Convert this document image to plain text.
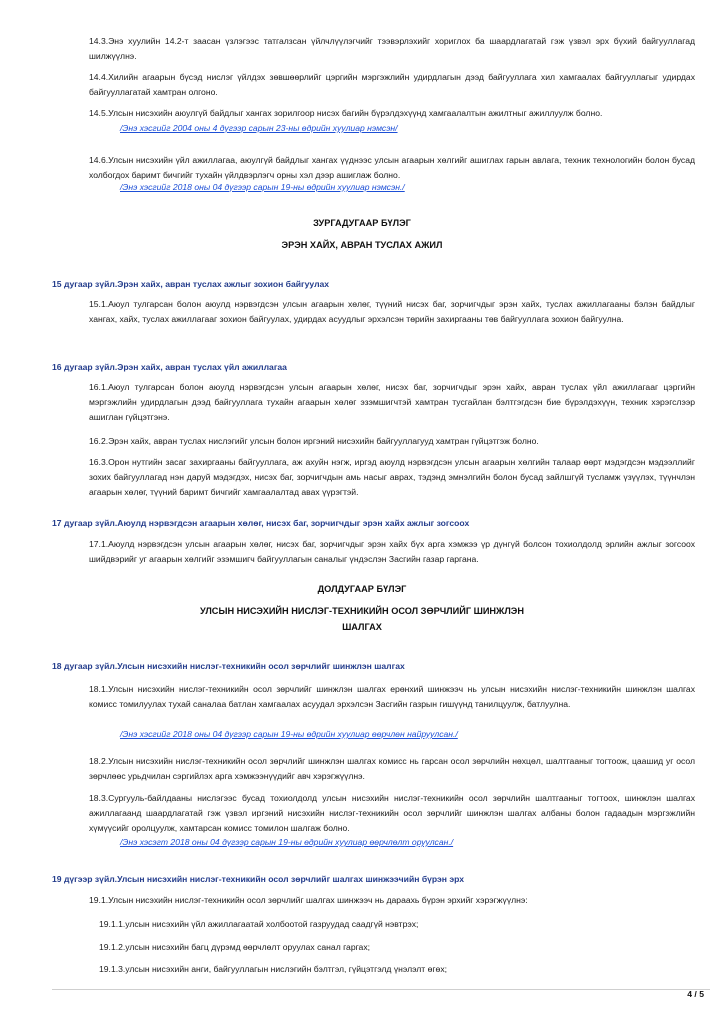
14.3.Энэ хуулийн 14.2-т заасан үзлэгээс татгалзсан үйлчлүүлэгчийг тээвэрлэхийг хориглох ба шаардлагатай гэж үзвэл эрх бүхий байгууллагад шилжүүлнэ.

14.4.Хилийн агаарын бүсэд нислэг үйлдэх зөвшөөрлийг цэргийн мэргэжлийн удирдлагын дээд байгууллага хил хамгаалах байгууллагыг удирдах байгууллагатай хамтран олгоно.

14.5.Улсын нисэхийн аюулгүй байдлыг хангах зорилгоор нисэх багийн бүрэлдэхүүнд хамгаалалтын ажилтныг ажиллуулж болно.

/Энэ хэсгийг 2004 оны 4 дүгээр сарын 23-ны өдрийн хуулиар нэмсэн/

14.6.Улсын нисэхийн үйл ажиллагаа, аюулгүй байдлыг хангах үүднээс улсын агаарын хөлгийг ашиглах гарын авлага, техник технологийн болон бусад холбогдох баримт бичгийг тухайн үйлдвэрлэгч орны хэл дээр ашиглаж болно.

/Энэ хэсгийг 2018 оны 04 дүгээр сарын 19-ны өдрийн хуулиар нэмсэн./

ЗУРГАДУГААР БҮЛЭГ

ЭРЭН ХАЙХ, АВРАН ТУСЛАХ АЖИЛ

15 дугаар зүйл.Эрэн хайх, авран туслах ажлыг зохион байгуулах

15.1.Аюул тулгарсан болон аюулд нэрвэгдсэн улсын агаарын хөлөг, түүний нисэх баг, зорчигчдыг эрэн хайх, туслах ажиллагааны бэлэн байдлыг хангах, хайх, туслах ажиллагааг зохион байгуулах, удирдах асуудлыг эрхэлсэн төрийн захиргааны төв байгууллага зохион байгуулна.

16 дугаар зүйл.Эрэн хайх, авран туслах үйл ажиллагаа

16.1.Аюул тулгарсан болон аюулд нэрвэгдсэн улсын агаарын хөлөг, нисэх баг, зорчигчдыг эрэн хайх, авран туслах үйл ажиллагааг цэргийн мэргэжлийн удирдлагын дээд байгууллага тухайн агаарын хөлөг эзэмшигчтэй хамтран тусгайлан бэлтгэгдсэн бие бүрэлдэхүүн, техник хэрэгслээр ашиглан гүйцэтгэнэ.

16.2.Эрэн хайх, авран туслах нислэгийг улсын болон иргэний нисэхийн байгууллагууд хамтран гүйцэтгэж болно.

16.3.Орон нутгийн засаг захиргааны байгууллага, аж ахуйн нэгж, иргэд аюулд нэрвэгдсэн улсын агаарын хөлгийн талаар өөрт мэдэгдсэн мэдээллийг зохих байгууллагад нэн даруй мэдэгдэх, нисэх баг, зорчигчдын амь насыг аврах, тэдэнд эмнэлгийн болон бусад зайлшгүй тусламж үзүүлэх, түүнчлэн агаарын хөлөг, түүний баримт бичгийг хамгаалалтад авах үүрэгтэй.

17 дугаар зүйл.Аюулд нэрвэгдсэн агаарын хөлөг, нисэх баг, зорчигчдыг эрэн хайх ажлыг зогсоох

17.1.Аюулд нэрвэгдсэн улсын агаарын хөлөг, нисэх баг, зорчигчдыг эрэн хайх бүх арга хэмжээ үр дүнгүй болсон тохиолдолд эрлийн ажлыг зогсоох шийдвэрийг уг агаарын хөлгийг эзэмшигч байгууллагын саналыг үндэслэн Засгийн газар гаргана.

ДОЛДУГААР БҮЛЭГ

УЛСЫН НИСЭХИЙН НИСЛЭГ-ТЕХНИКИЙН ОСОЛ ЗӨРЧЛИЙГ ШИНЖЛЭН

ШАЛГАХ

18 дугаар зүйл.Улсын нисэхийн нислэг-техникийн осол зөрчлийг шинжлэн шалгах

18.1.Улсын нисэхийн нислэг-техникийн осол зөрчлийг шинжлэн шалгах ерөнхий шинжээч нь улсын нисэхийн нислэг-техникийн шинжлэн шалгах комисс томилуулах тухай саналаа батлан хамгаалах асуудал эрхэлсэн Засгийн газрын гишүүнд танилцуулж, батлуулна.

/Энэ хэсгийг 2018 оны 04 дүгээр сарын 19-ны өдрийн хуулиар өөрчлөн найруулсан./

18.2.Улсын нисэхийн нислэг-техникийн осол зөрчлийг шинжлэн шалгах комисс нь гарсан осол зөрчлийн нөхцөл, шалтгааныг тогтоож, цаашид уг осол зөрчлөөс урьдчилан сэргийлэх арга хэмжээнүүдийг авч хэрэгжүүлнэ.

18.3.Сургууль-байлдааны нислэгээс бусад тохиолдолд улсын нисэхийн нислэг-техникийн осол зөрчлийн шалтгааныг тогтоох, шинжлэн шалгах ажиллагаанд шаардлагатай гэж үзвэл иргэний нисэхийн нислэг-техникийн осол зөрчлийг шинжлэн шалгах албаны болон гадаадын мэргэжлийн хүмүүсийг оролцуулж, хамтарсан комисс томилон шалгаж болно.

/Энэ хэсэгт 2018 оны 04 дүгээр сарын 19-ны өдрийн хуулиар өөрчлөлт оруулсан./

19 дүгээр зүйл.Улсын нисэхийн нислэг-техникийн осол зөрчлийг шалгах шинжээчийн бүрэн эрх

19.1.Улсын нисэхийн нислэг-техникийн осол зөрчлийг шалгах шинжээч нь дараахь бүрэн эрхийг хэрэгжүүлнэ:

19.1.1.улсын нисэхийн үйл ажиллагаатай холбоотой газруудад саадгүй нэвтрэх;

19.1.2.улсын нисэхийн багц дүрэмд өөрчлөлт оруулах санал гаргах;

19.1.3.улсын нисэхийн анги, байгууллагын нислэгийн бэлтгэл, гүйцэтгэлд үнэлэлт өгөх;

4 / 5
